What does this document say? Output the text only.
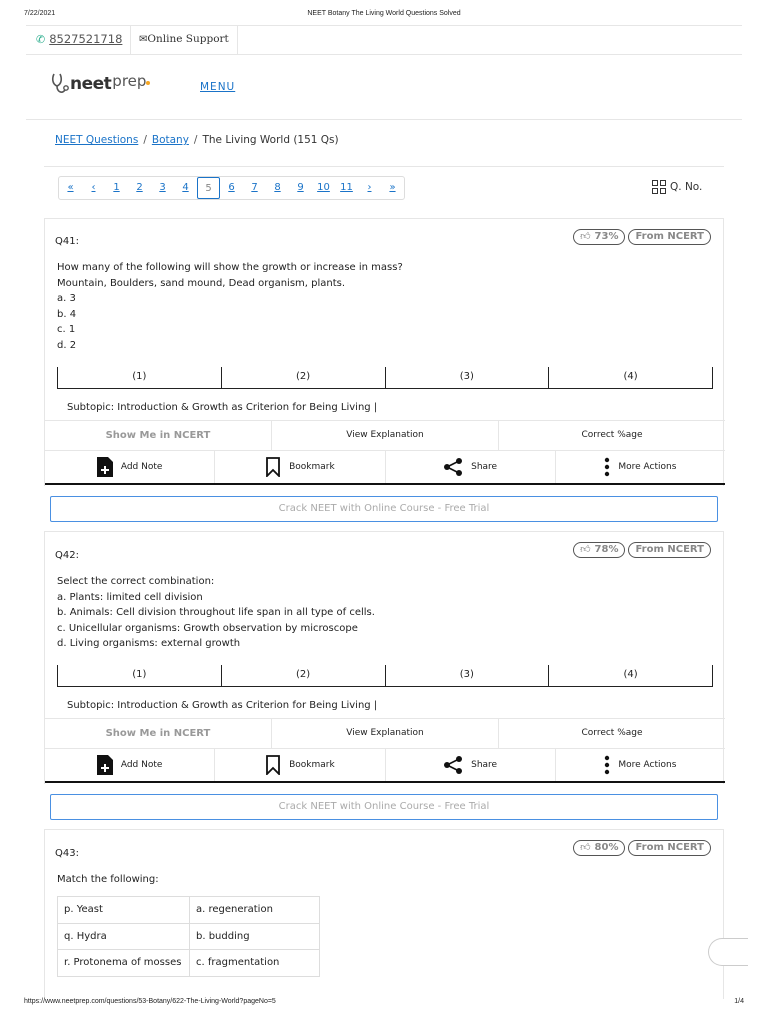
7/22/2021	NEET Botany The Living World Questions Solved
✆ 8527521718	✉Online Support
neet prep	MENU
NEET Questions / Botany / The Living World (151 Qs)
«	‹	1	2	3	4	5	6	7	8	9	10	11	›	»	Q. No.
Q41:	👍︎ 73%	From NCERT
How many of the following will show the growth or increase in mass?
Mountain, Boulders, sand mound, Dead organism, plants.
a. 3
b. 4
c. 1
d. 2
(1)	(2)	(3)	(4)
Subtopic: Introduction & Growth as Criterion for Being Living |
Show Me in NCERT	View Explanation	Correct %age
Add Note	Bookmark	Share	More Actions
Crack NEET with Online Course - Free Trial
Q42:
👍︎ 78%	From NCERT
Select the correct combination:
a. Plants: limited cell division
b. Animals: Cell division throughout life span in all type of cells.
c. Unicellular organisms: Growth observation by microscope
d. Living organisms: external growth
(1)	(2)	(3)	(4)
Subtopic: Introduction & Growth as Criterion for Being Living |
Show Me in NCERT	View Explanation	Correct %age
Add Note	Bookmark	Share	More Actions
Crack NEET with Online Course - Free Trial
Q43:
👍︎ 80%	From NCERT
Match the following:
p. Yeast	a. regeneration
q. Hydra	b. budding
r. Protonema of mosses	c. fragmentation
https://www.neetprep.com/questions/53-Botany/622-The-Living-World?pageNo=5	1/4
